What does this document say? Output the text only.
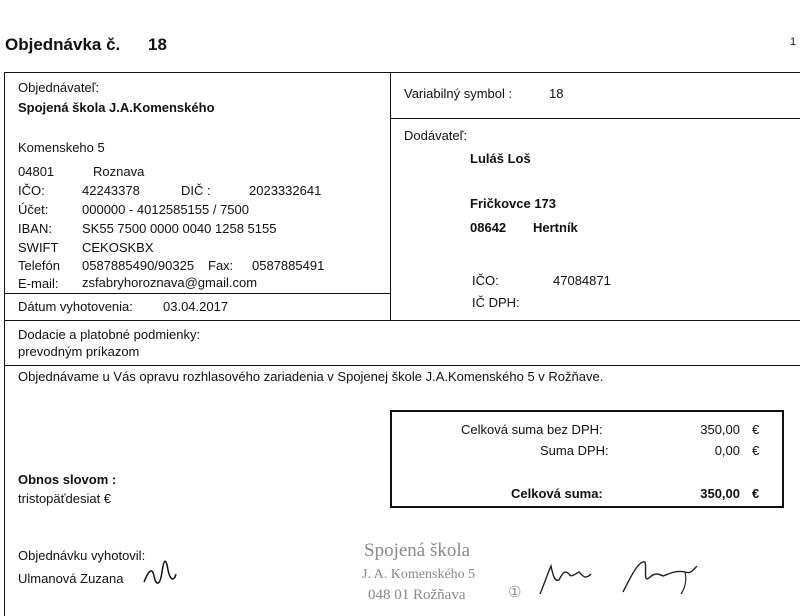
Objednávka č. 18	1
Objednávateľ:
Spojená škola J.A.Komenského
Komenskeho 5
04801	Roznava
IČO:	42243378	DIČ :	2023332641
Účet:	000000 - 4012585155 / 7500
IBAN: SK55 7500 0000 0040 1258 5155
SWIFT CEKOSKBX
Telefón 0587885490/90325 Fax: 0587885491
E-mail: zsfabryhoroznava@gmail.com
Dátum vyhotovenia: 03.04.2017
Variabilný symbol :	18
Dodávateľ:
Luláš Loš
Fričkovce 173
08642 Hertník
IČO:	47084871
IČ DPH:
Dodacie a platobné podmienky:
prevodným príkazom
Objednávame u Vás opravu rozhlasového zariadenia v Spojenej škole J.A.Komenského 5 v Rožňave.
Celková suma bez DPH:	350,00 €
Suma DPH:	0,00 €
Celková suma:	350,00 €
Obnos slovom :
tristopäťdesiat €
Objednávku vyhotovil:
Ulmanová Zuzana
Spojená škola
J. A. Komenského 5
048 01 Rožňava	①
